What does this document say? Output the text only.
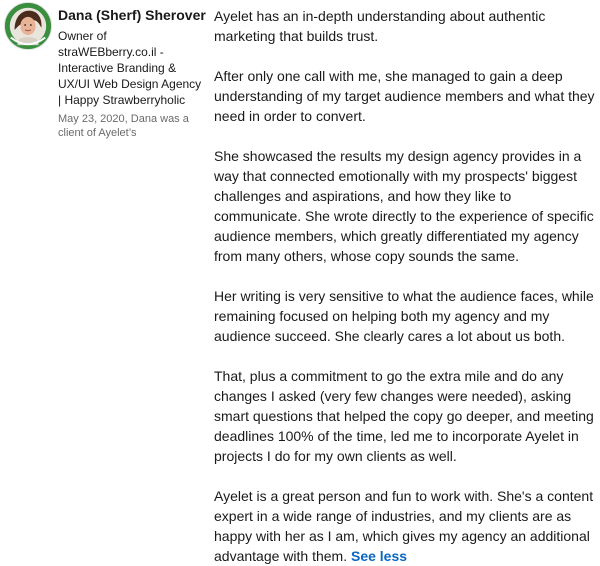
Dana (Sherf) Sherover
Owner of straWEBberry.co.il - Interactive Branding & UX/UI Web Design Agency | Happy Strawberryholic
May 23, 2020, Dana was a client of Ayelet’s

Ayelet has an in-depth understanding about authentic marketing that builds trust.

After only one call with me, she managed to gain a deep understanding of my target audience members and what they need in order to convert.

She showcased the results my design agency provides in a way that connected emotionally with my prospects' biggest challenges and aspirations, and how they like to communicate. She wrote directly to the experience of specific audience members, which greatly differentiated my agency from many others, whose copy sounds the same.

Her writing is very sensitive to what the audience faces, while remaining focused on helping both my agency and my audience succeed. She clearly cares a lot about us both.

That, plus a commitment to go the extra mile and do any changes I asked (very few changes were needed), asking smart questions that helped the copy go deeper, and meeting deadlines 100% of the time, led me to incorporate Ayelet in projects I do for my own clients as well.

Ayelet is a great person and fun to work with. She's a content expert in a wide range of industries, and my clients are as happy with her as I am, which gives my agency an additional advantage with them. See less
